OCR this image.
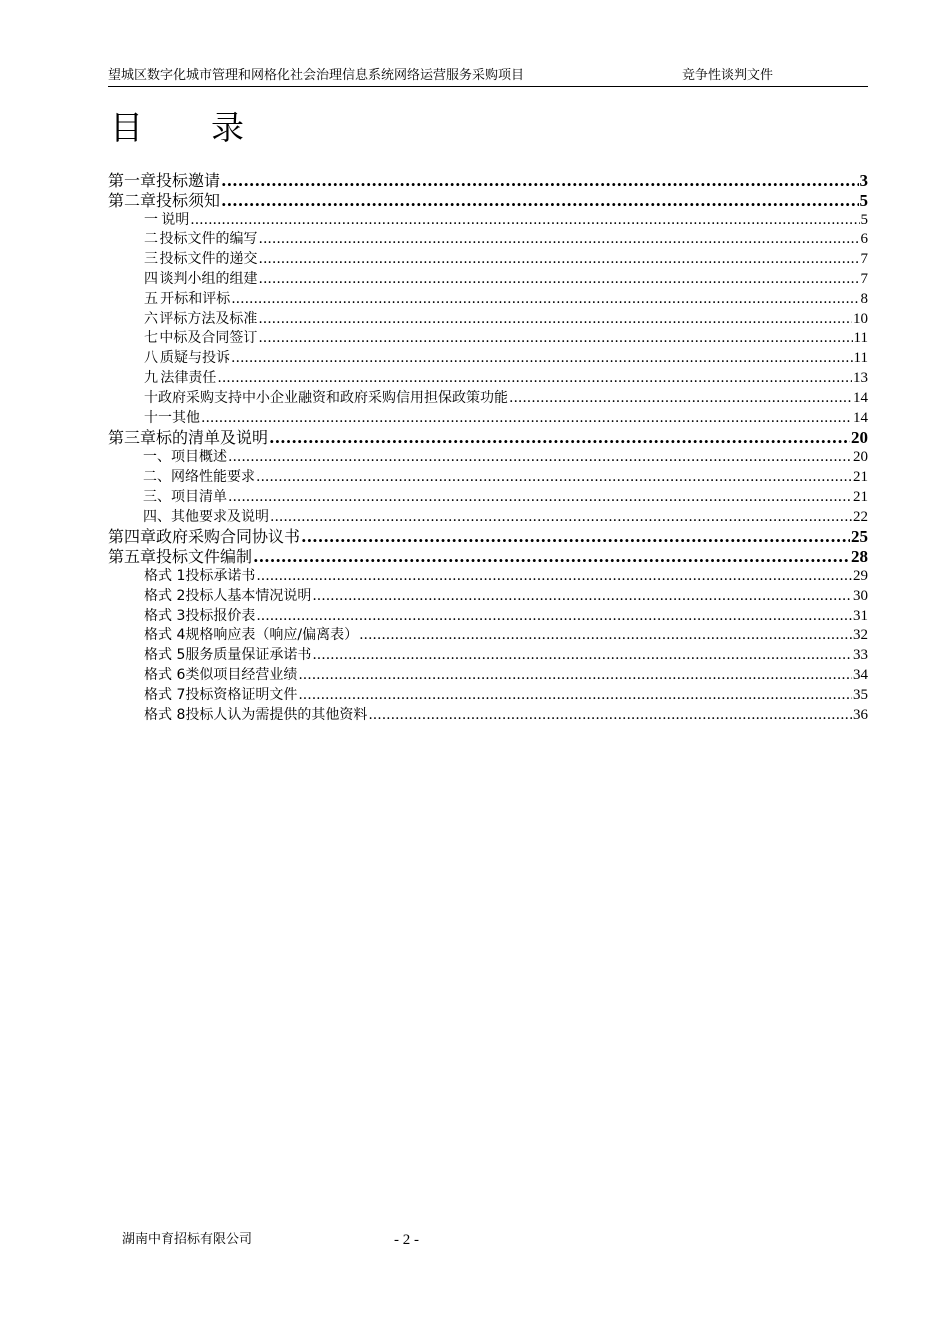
望城区数字化城市管理和网格化社会治理信息系统网络运营服务采购项目	竞争性谈判文件
目录
第一章 投标邀请 .....	3
第二章 投标须知 .....	5
一 说明 .....	5
二 投标文件的编写 .....	6
三 投标文件的递交 .....	7
四 谈判小组的组建 .....	7
五 开标和评标 .....	8
六 评标方法及标准 .....	10
七 中标及合同签订 .....	11
八 质疑与投诉 .....	11
九 法律责任 .....	13
十 政府采购支持中小企业融资和政府采购信用担保政策功能 .....	14
十一 其他 .....	14
第三章 标的清单及说明 .....	20
一、项目概述 .....	20
二、网络性能要求 .....	21
三、项目清单 .....	21
四、其他要求及说明 .....	22
第四章 政府采购合同协议书 .....	25
第五章 投标文件编制 .....	28
格式 1 投标承诺书 .....	29
格式 2 投标人基本情况说明 .....	30
格式 3 投标报价表 .....	31
格式 4 规格响应表（响应/偏离表） .....	32
格式 5 服务质量保证承诺书 .....	33
格式 6 类似项目经营业绩 .....	34
格式 7 投标资格证明文件 .....	35
格式 8 投标人认为需提供的其他资料 .....	36
湖南中育招标有限公司	- 2 -
